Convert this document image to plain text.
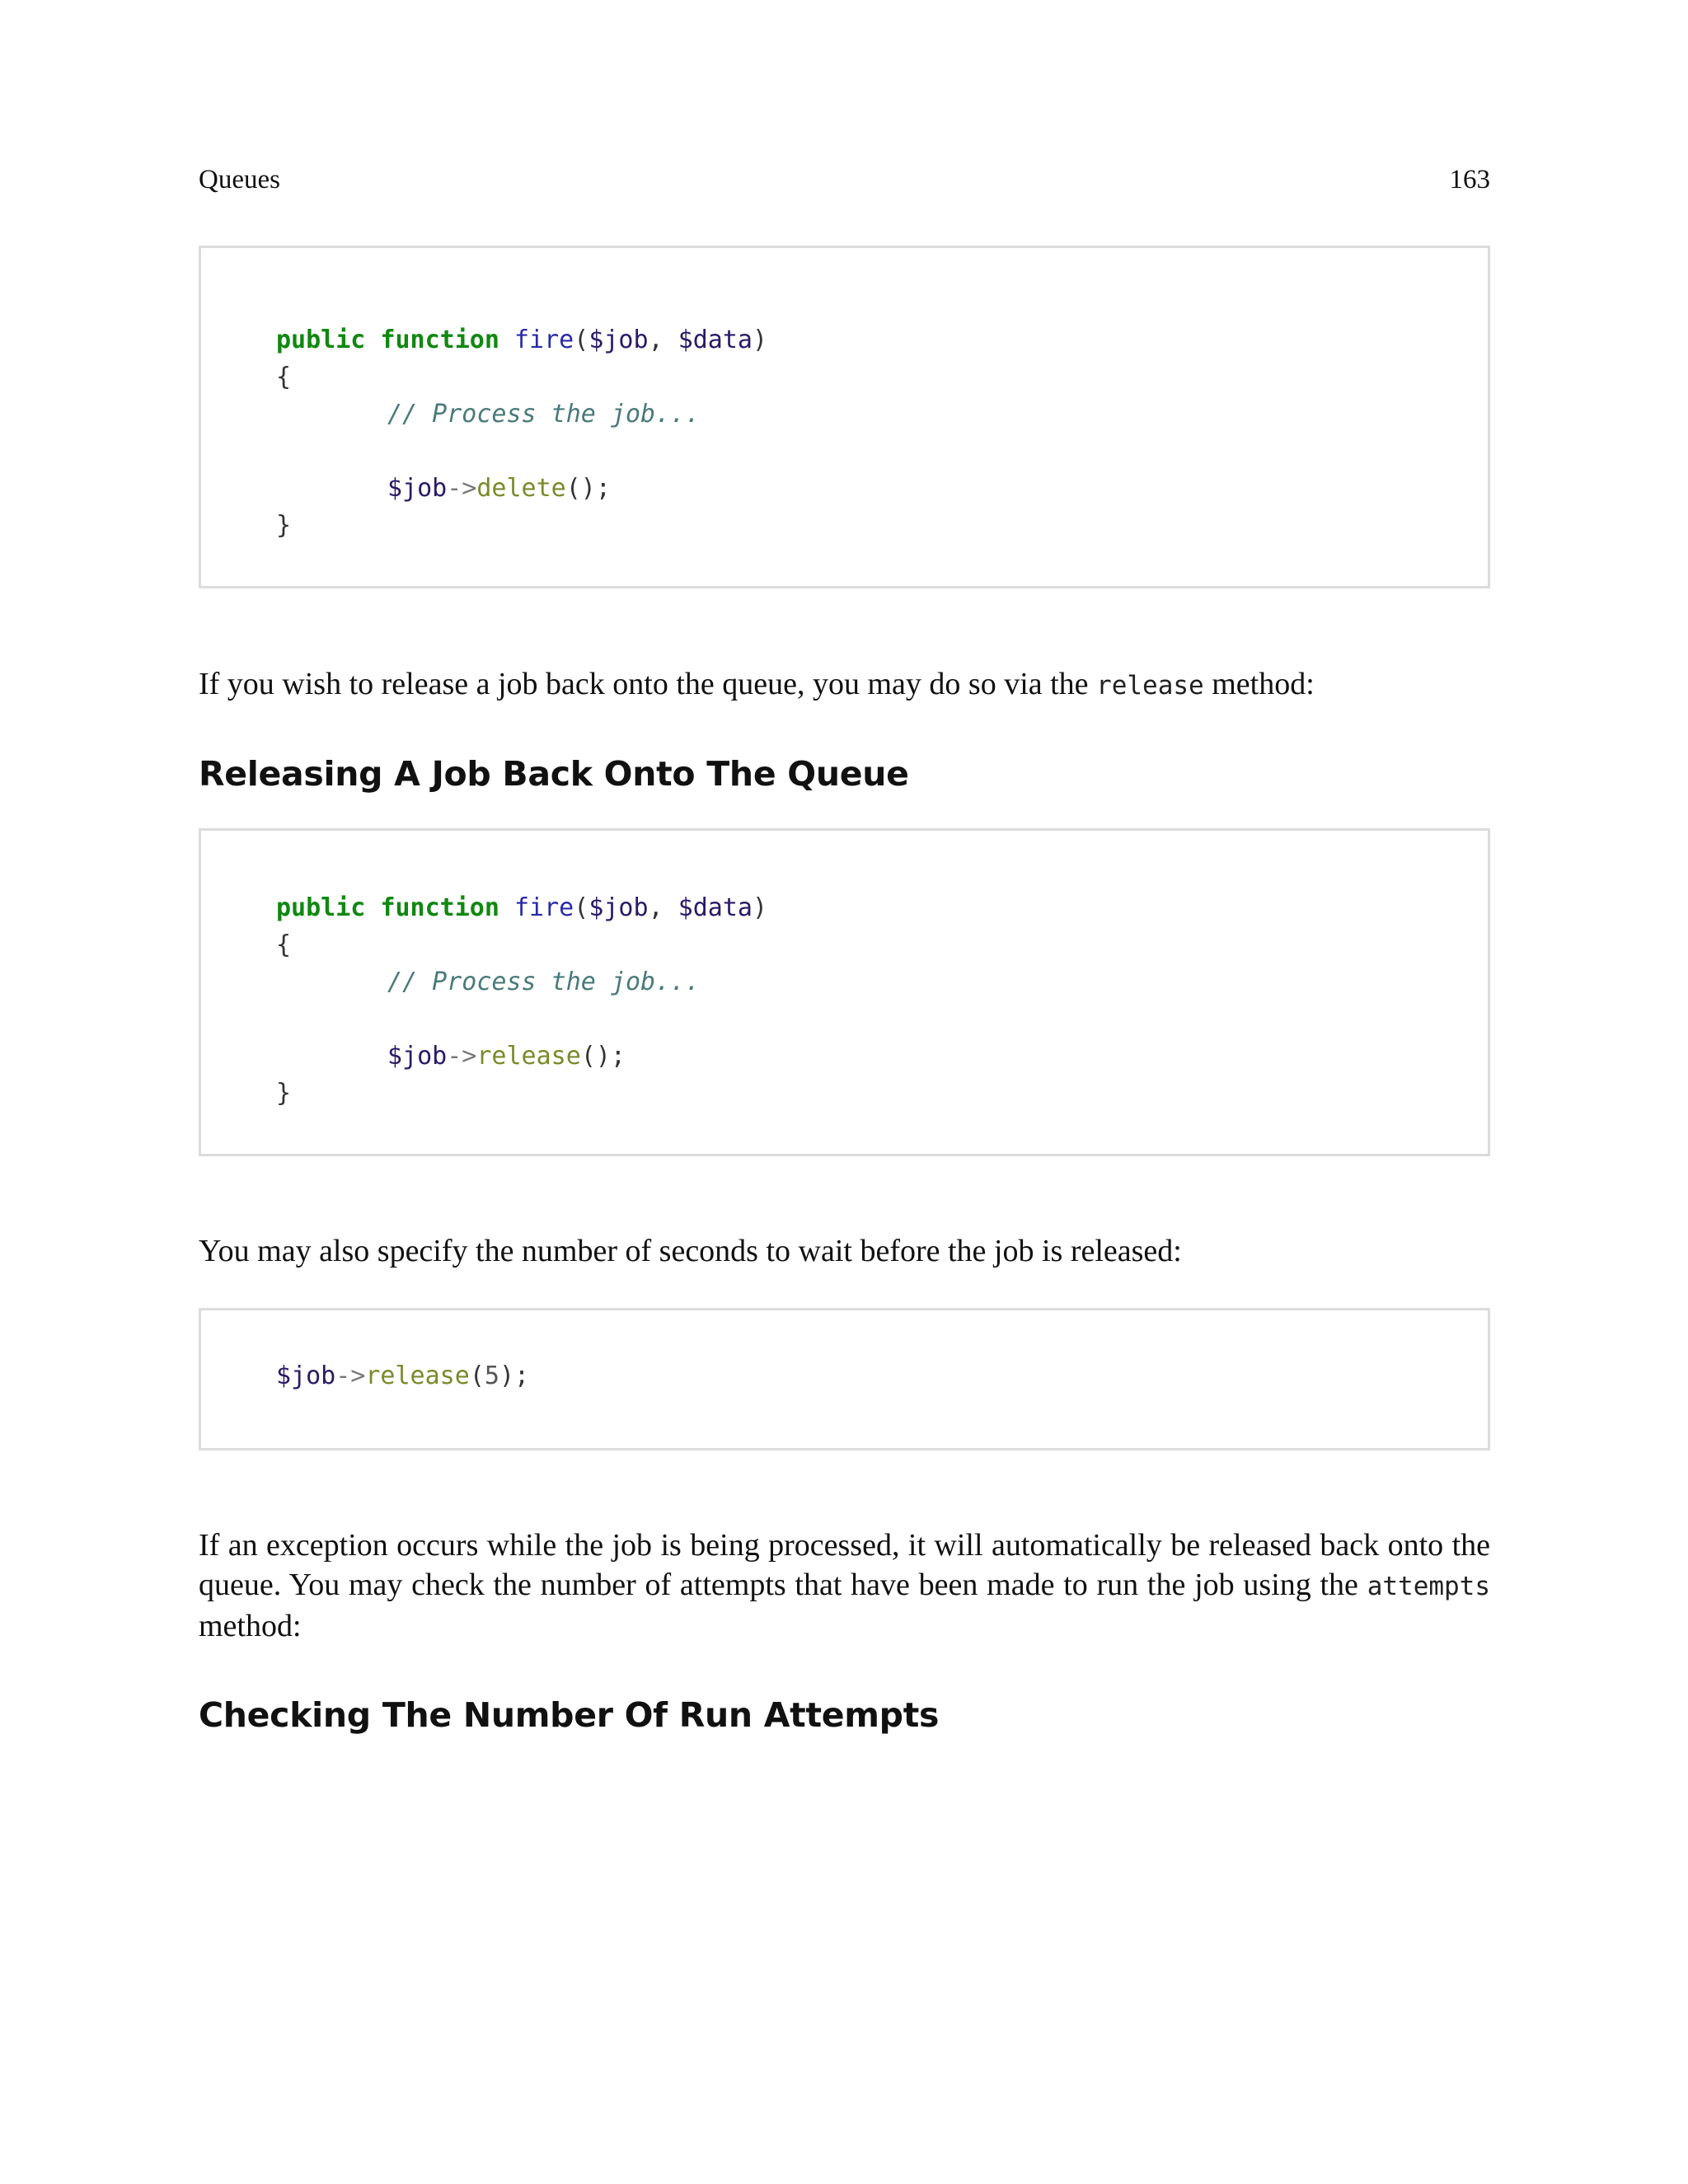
Queues	163
public function fire($job, $data)
{
// Process the job...
$job->delete();
}
If you wish to release a job back onto the queue, you may do so via the release method:
Releasing A Job Back Onto The Queue
public function fire($job, $data)
{
// Process the job...
$job->release();
}
You may also specify the number of seconds to wait before the job is released:
$job->release(5);
If an exception occurs while the job is being processed, it will automatically be released back onto the queue. You may check the number of attempts that have been made to run the job using the attempts method:
Checking The Number Of Run Attempts
